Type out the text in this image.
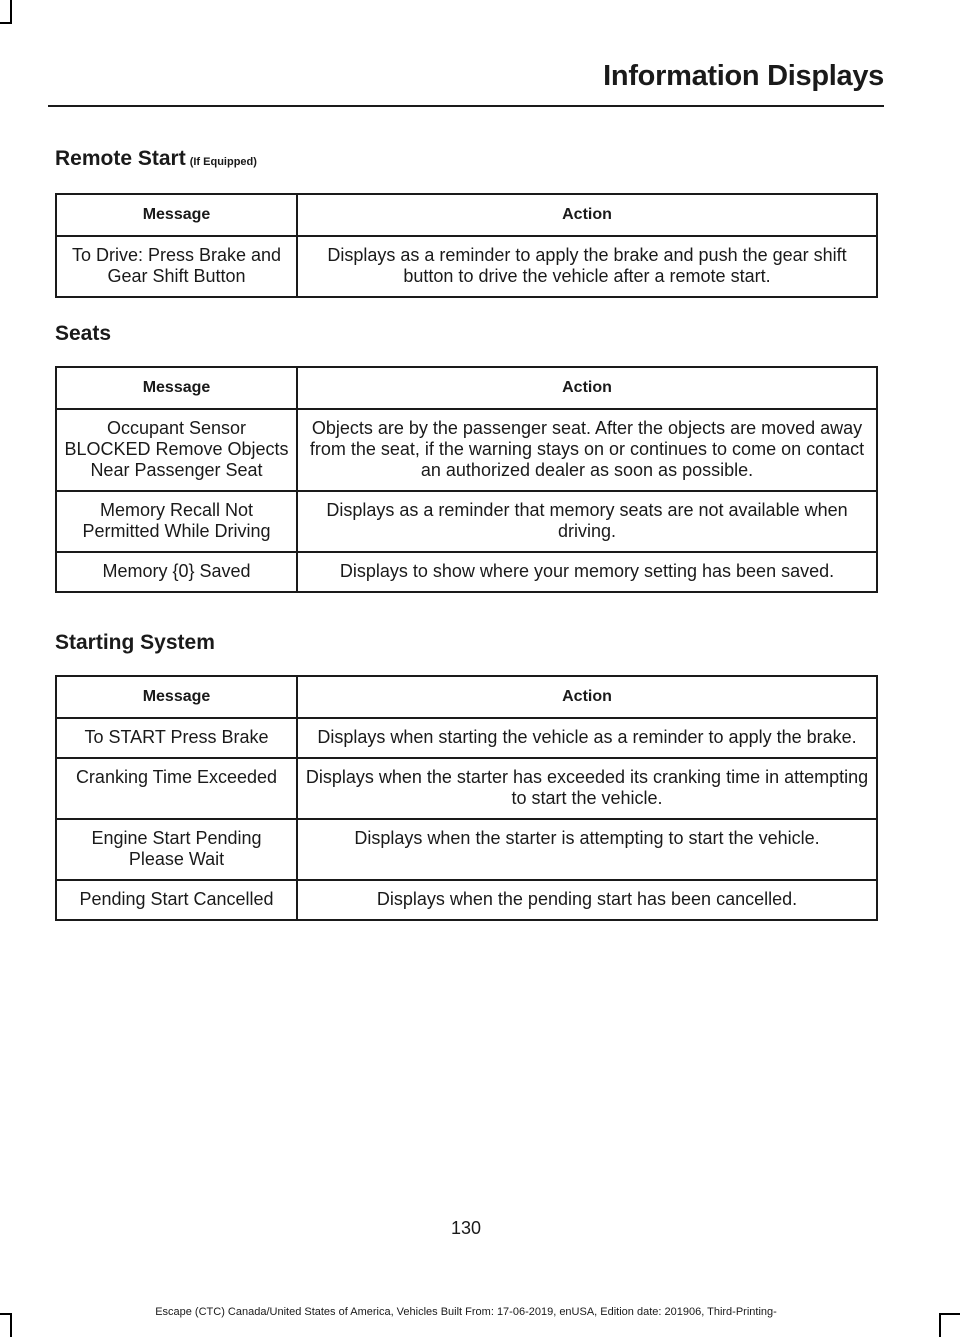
Information Displays
Remote Start (If Equipped)
Message	Action
To Drive: Press Brake and Gear Shift Button	Displays as a reminder to apply the brake and push the gear shift button to drive the vehicle after a remote start.
Seats
Message	Action
Occupant Sensor BLOCKED Remove Objects Near Passenger Seat	Objects are by the passenger seat. After the objects are moved away from the seat, if the warning stays on or continues to come on contact an authorized dealer as soon as possible.
Memory Recall Not Permitted While Driving	Displays as a reminder that memory seats are not available when driving.
Memory {0} Saved	Displays to show where your memory setting has been saved.
Starting System
Message	Action
To START Press Brake	Displays when starting the vehicle as a reminder to apply the brake.
Cranking Time Exceeded	Displays when the starter has exceeded its cranking time in attempting to start the vehicle.
Engine Start Pending Please Wait	Displays when the starter is attempting to start the vehicle.
Pending Start Cancelled	Displays when the pending start has been cancelled.
130
Escape (CTC) Canada/United States of America, Vehicles Built From: 17-06-2019, enUSA, Edition date: 201906, Third-Printing-
